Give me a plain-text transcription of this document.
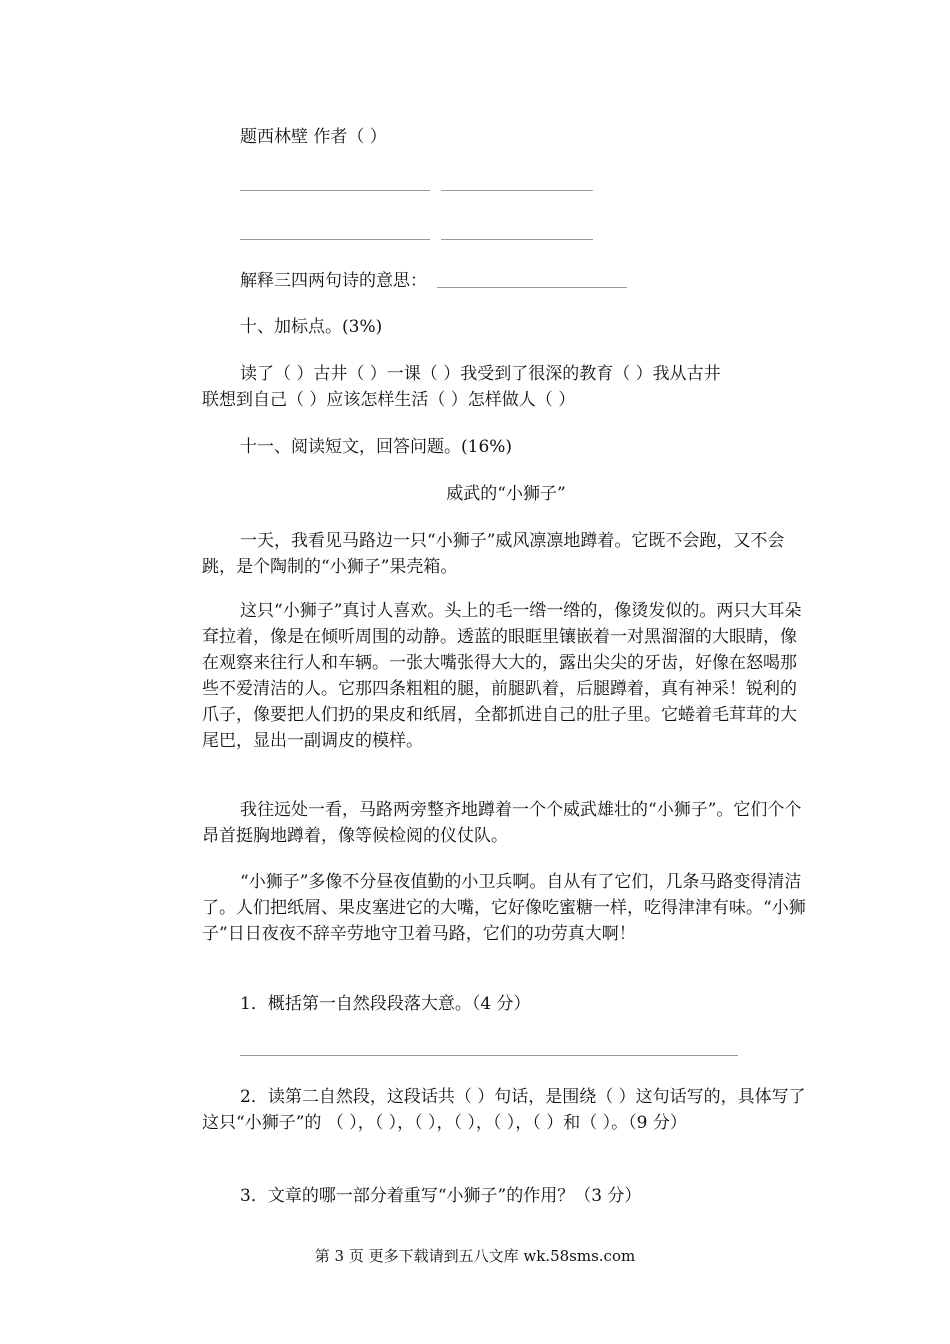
题西林壁 作者（ ）

解释三四两句诗的意思：

十、加标点。(3%)

读了（ ）古井（ ）一课（ ）我受到了很深的教育（ ）我从古井

联想到自己（ ）应该怎样生活（ ）怎样做人（ ）

十一、阅读短文，回答问题。(16%)

威武的“小狮子”

一天，我看见马路边一只“小狮子”威风凛凛地蹲着。它既不会跑，又不会跳，是个陶制的“小狮子”果壳箱。

这只“小狮子”真讨人喜欢。头上的毛一绺一绺的，像烫发似的。两只大耳朵耷拉着，像是在倾听周围的动静。透蓝的眼眶里镶嵌着一对黑溜溜的大眼睛，像在观察来往行人和车辆。一张大嘴张得大大的，露出尖尖的牙齿，好像在怒喝那些不爱清洁的人。它那四条粗粗的腿，前腿趴着，后腿蹲着，真有神采！锐利的爪子，像要把人们扔的果皮和纸屑，全都抓进自己的肚子里。它蜷着毛茸茸的大尾巴，显出一副调皮的模样。

我往远处一看，马路两旁整齐地蹲着一个个威武雄壮的“小狮子”。它们个个昂首挺胸地蹲着，像等候检阅的仪仗队。

“小狮子”多像不分昼夜值勤的小卫兵啊。自从有了它们，几条马路变得清洁了。人们把纸屑、果皮塞进它的大嘴，它好像吃蜜糖一样，吃得津津有味。“小狮子”日日夜夜不辞辛劳地守卫着马路，它们的功劳真大啊！

1．概括第一自然段段落大意。（4 分）

2．读第二自然段，这段话共（ ）句话，是围绕（ ）这句话写的，具体写了这只“小狮子”的 （ ），（ ），（ ），（ ），（ ），（ ）和（ ）。（9 分）

3．文章的哪一部分着重写“小狮子”的作用？（3 分）

第 3 页 更多下载请到五八文库 wk.58sms.com
